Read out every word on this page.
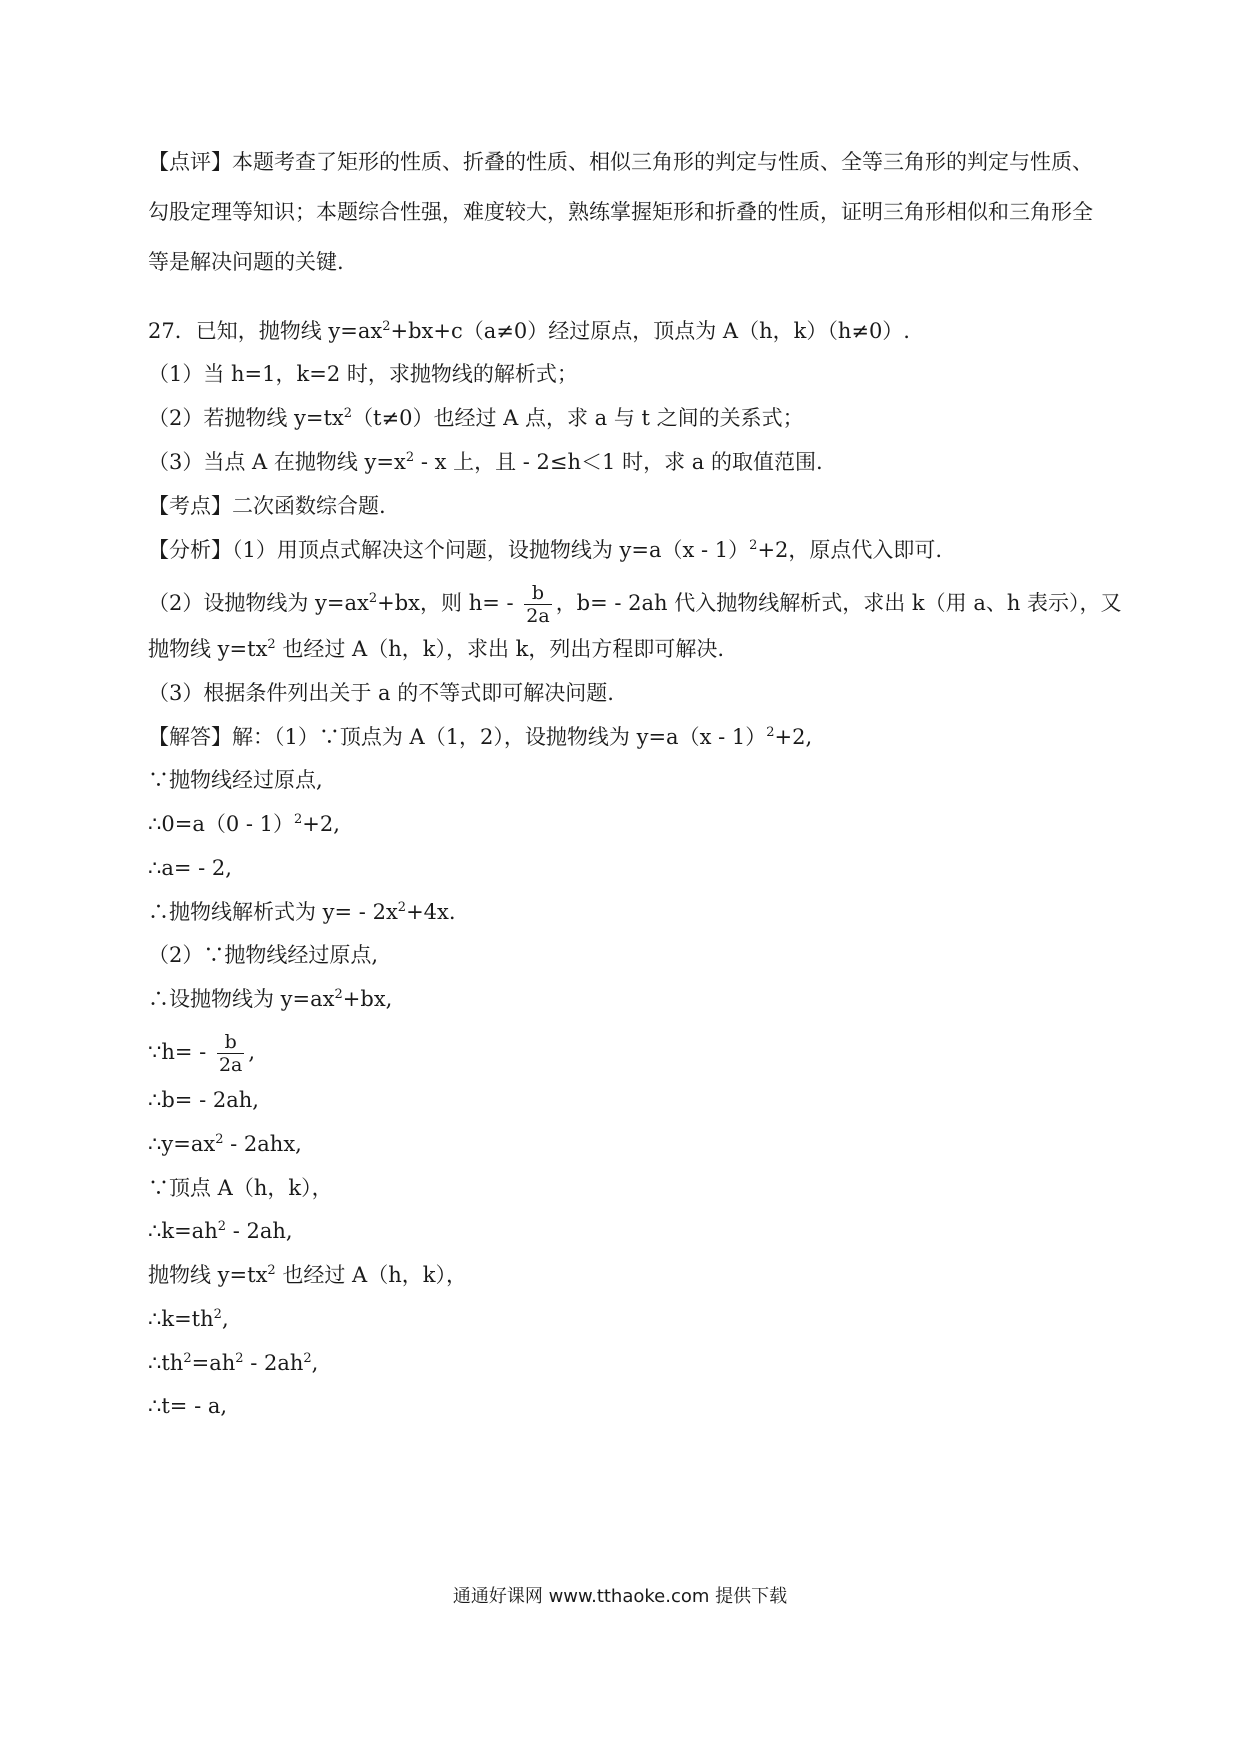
【点评】本题考查了矩形的性质、折叠的性质、相似三角形的判定与性质、全等三角形的判定与性质、勾股定理等知识；本题综合性强，难度较大，熟练掌握矩形和折叠的性质，证明三角形相似和三角形全等是解决问题的关键.
27．已知，抛物线 $y=ax^2+bx+c(a\ne 0)$经过原点，顶点为 A（h，k）（h≠0）.
（1）当 h=1，k=2 时，求抛物线的解析式；
（2）若抛物线 $y=tx^2(t\ne 0)$也经过 A 点，求 a 与 t 之间的关系式；
（3）当点 A 在抛物线 $y=x^2 - x$ 上，且 - 2≤h＜1 时，求 a 的取值范围.
【考点】二次函数综合题.
【分析】（1）用顶点式解决这个问题，设抛物线为 y=a（x - 1）$^2$+2，原点代入即可.
（2）设抛物线为 $y=ax^2+bx$，则 $h= - \frac{b}{2a}$ ，b= - 2ah 代入抛物线解析式，求出 k（用 a、h 表示），又
抛物线 $y=tx^2$ 也经过 A（h，k），求出 k，列出方程即可解决.
（3）根据条件列出关于 a 的不等式即可解决问题.
【解答】解：（1）∵顶点为 A（1，2），设抛物线为 y=a（x - 1）$^2$+2,
∵抛物线经过原点,
∴0=a（0 - 1）$^2$+2,
∴a= - 2,
∴抛物线解析式为 $y= - 2x^2+4x$.
（2）∵抛物线经过原点,
∴设抛物线为 $y=ax^2+bx$,
∵h= - $\frac{b}{2a}$ ,
∴b= - 2ah,
$\therefore y=ax^2 - 2ahx$,
∵顶点 A（h，k），
$\therefore k=ah^2 - 2ah$,
抛物线 $y=tx^2$ 也经过 A（h，k），
$\therefore k=th^2$,
$\therefore th^2=ah^2 - 2ah^2$,
∴t= - a,
通通好课网 www.tthaoke.com 提供下载
